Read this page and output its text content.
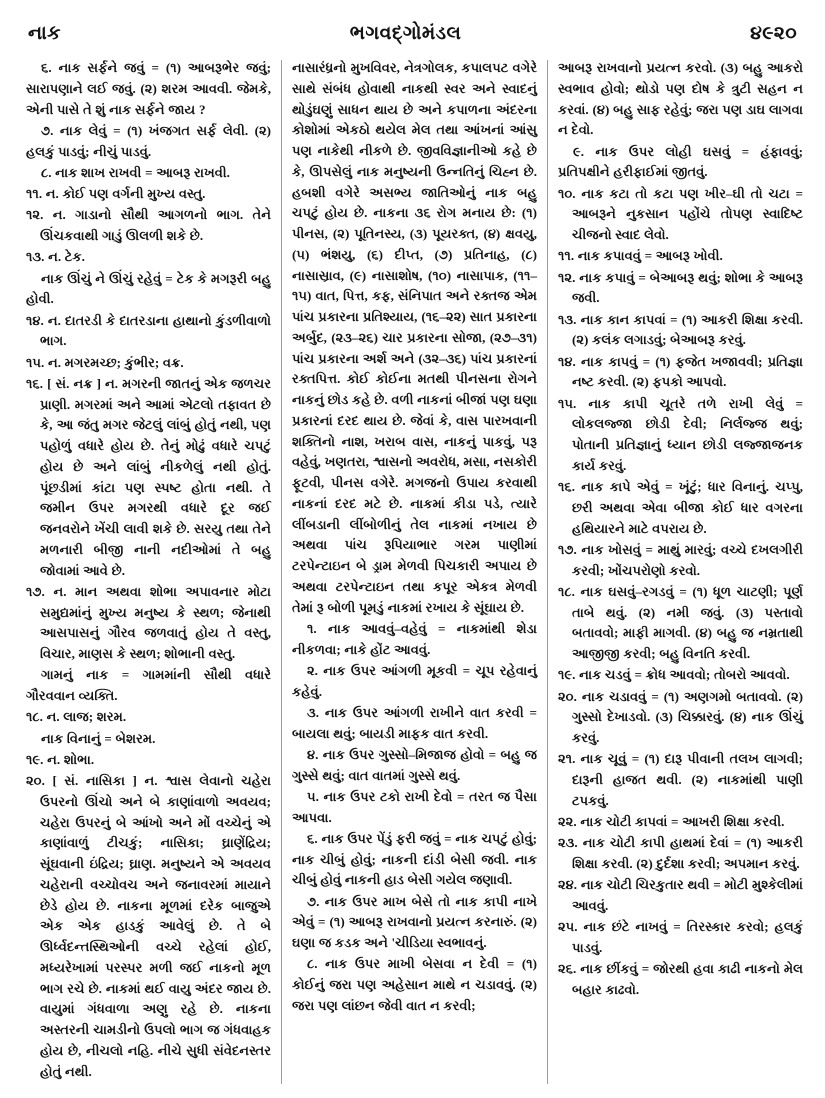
નાક	ભગવદ્ગોમંડલ	૪૯૨૦

૬. નાક સર્ફને જવું = (૧) આબરૂભેર જવું; સારાપણાને લઈ જવું. (૨) શરમ આવવી. જેમકે, એની પાસે તે શું નાક સર્ફને જાય ?

૭. નાક લેવું = (૧) ખંજગત સર્ફ લેવી. (૨) હલકું પાડવું; નીચું પાડવું.

૮. નાક શાખ રાખવી = આબરૂ રાખવી.

૧૧. ન. કોઈ પણ વર્ગની મુખ્ય વસ્તુ.

૧૨. ન. ગાડાનો સૌથી આગળનો ભાગ. તેને ઊંચકવાથી ગાડું ઊલળી શકે છે.

૧૩. ન. ટેક.

નાક ઊંચું ને ઊંચું રહેવું = ટેક કે મગરૂરી બહુ હોવી.

૧૪. ન. દાતરડી કે દાતરડાના હાથાનો કુંડળીવાળો ભાગ.

૧૫. ન. મગરમચ્છ; કુંભીર; વક્ર.

૧૬. [ સં. નક્ર ] ન. મગરની જાતનું એક જળચર પ્રાણી. મગરમાં અને આમાં એટલો તફાવત છે કે, આ જંતુ મગર જેટલું લાંબું હોતું નથી, પણ પહોળું વધારે હોય છે. તેનું મોઢું વધારે ચપટું હોય છે અને લાંબું નીકળેલું નથી હોતું. પૂંછડીમાં કાંટા પણ સ્પષ્ટ હોતા નથી. તે જમીન ઉપર મગરથી વધારે દૂર જઈ જનવરોને ખેંચી લાવી શકે છે. સરયુ તથા તેને મળનારી બીજી નાની નદીઓમાં તે બહુ જોવામાં આવે છે.

૧૭. ન. માન અથવા શોભા અપાવનાર મોટા સમુદ્યમાંનું મુખ્ય મનુષ્ય કે સ્થળ; જેનાથી આસપાસનું ગૌરવ જળવાતું હોય તે વસ્તુ, વિચાર, માણસ કે સ્થળ; શોભાની વસ્તુ.

ગામનું નાક = ગામમાંની સૌથી વધારે ગૌરવવાન વ્યક્તિ.

૧૮. ન. લાજ; શરમ.

નાક વિનાનું = બેશરમ.

૧૯. ન. શોભા.

૨૦. [ સં. નાસિકા ] ન. શ્વાસ લેવાનો ચહેરા ઉપરનો ઊંચો અને બે કાણાંવાળો અવયવ; ચહેરા ઉપરનું બે આંખો અને મોં વચ્ચેનું એ કાણાંવાળું ટીચકું; નાસિકા; ઘ્રાણેંદ્રિય; સૂંઘવાની ઇંદ્રિય; ઘ્રાણ. મનુષ્યને એ અવયવ ચહેરાની વચ્ચોવચ અને જનાવરમાં માયાને છેડે હોય છે. નાકના મૂળમાં દરેક બાજુએ એક એક હાડકું આવેલું છે. તે બે ઊર્ધ્વદન્તસ્થિઓની વચ્ચે રહેલાં હોઈ, મધ્યરેખામાં પરસ્પર મળી જઈ નાકનો મૂળ ભાગ રચે છે. નાકમાં થઈ વાયુ અંદર જાય છે. વાયુમાં ગંધવાળા અણુ રહે છે. નાકના અસ્તરની ચામડીનો ઉપલો ભાગ જ ગંધવાહક હોય છે, નીચલો નહિ. નીચે સુધી સંવેદનસ્તર હોતું નથી.

નાસારંધ્રનો મુખવિવર, નેત્રગોલક, કપાલપટ વગેરે સાથે સંબંધ હોવાથી નાકથી સ્વર અને સ્વાદનું થોડુંઘણું સાધન થાય છે અને કપાળના અંદરના કોશોમાં એકઠો થયેલ મેલ તથા આંખનાં આંસુ પણ નાકેથી નીકળે છે. જીવવિજ્ઞાનીઓ કહે છે કે, ઊપસેલું નાક મનુષ્યની ઉન્નતિનું ચિહ્ન છે. હબશી વગેરે અસભ્ય જાતિઓનું નાક બહુ ચપટું હોય છે. નાકના ૩૬ રોગ મનાય છે: (૧) પીનસ, (૨) પૂતિનસ્ય, (૩) પૂયરક્ત, (૪) ક્ષવયુ, (૫) ભંશયુ, (૬) દીપ્ત, (૭) પ્રતિનાહ, (૮) નાસાસ્રાવ, (૯) નાસાશોષ, (૧૦) નાસાપાક, (૧૧–૧૫) વાત, પિત્ત, કફ, સંનિપાત અને રક્તજ એમ પાંચ પ્રકારના પ્રતિશ્યાય, (૧૬–૨૨) સાત પ્રકારના અર્બુદ, (૨૩–૨૬) ચાર પ્રકારના સોજા, (૨૭–૩૧) પાંચ પ્રકારના અર્શ અને (૩૨–૩૬) પાંચ પ્રકારનાં રક્તપિત્ત. કોઈ કોઈના મતથી પીનસના રોગને નાકનું છોડ કહે છે. વળી નાકનાં બીજાં પણ ઘણા પ્રકારનાં દરદ થાય છે. જેવાં કે, વાસ પારખવાની શક્તિનો નાશ, ખરાબ વાસ, નાકનું પાકવું, પરૂ વહેવું, ખણતરા, શ્વાસનો અવરોધ, મસા, નસકોરી ફૂટવી, પીનસ વગેરે. મગજનો ઉપાય કરવાથી નાકનાં દરદ મટે છે. નાકમાં કીડા પડે, ત્યારે લીંબડાની લીંબોળીનું તેલ નાકમાં નખાય છે અથવા પાંચ રૂપિયાભાર ગરમ પાણીમાં ટરપેન્ટાઇન બે ડ્રામ મેળવી પિચકારી અપાય છે અથવા ટરપેન્ટાઇન તથા કપૂર એકત્ર મેળવી તેમાં રૂ બોળી પૂમડું નાકમાં રખાય કે સૂંઘાય છે.

૧. નાક આવવું–વહેવું = નાકમાંથી શેડા નીકળવા; નાકે હોંટ આવવું.

૨. નાક ઉપર આંગળી મૂકવી = ચૂપ રહેવાનું કહેવું.

૩. નાક ઉપર આંગળી રાખીને વાત કરવી = બાયલા થવું; બાયડી માફક વાત કરવી.

૪. નાક ઉપર ગુસ્સો–મિજાજ હોવો = બહુ જ ગુસ્સે થવું; વાત વાતમાં ગુસ્સે થવું.

૫. નાક ઉપર ટકો રાખી દેવો = તરત જ પૈસા આપવા.

૬. નાક ઉપર પેંડું ફરી જવું = નાક ચપટું હોવું; નાક ચીબું હોવું; નાકની દાંડી બેસી જવી. નાક ચીબું હોવું નાકની હાડ બેસી ગયેલ જણાવી.

૭. નાક ઉપર માખ બેસે તો નાક કાપી નાખે એવું = (૧) આબરૂ રાખવાનો પ્રયત્ન કરનારું. (૨) ઘણા જ કડક અને 'ચીડિયા સ્વભાવનું.

૮. નાક ઉપર માખી બેસવા ન દેવી = (૧) કોઈનું જરા પણ અહેસાન માથે ન ચડાવવું. (૨) જરા પણ લાંછન જેવી વાત ન કરવી;

આબરૂ રાખવાનો પ્રયત્ન કરવો. (૩) બહુ આકરો સ્વભાવ હોવો; થોડો પણ દોષ કે ત્રુટી સહન ન કરવાં. (૪) બહુ સાફ રહેવું; જરા પણ ડાઘ લાગવા ન દેવો.

૯. નાક ઉપર લોહી ઘસવું = હંફાવવું; પ્રતિપક્ષીને હરીફાઈમાં જીતવું.

૧૦. નાક કટા તો કટા પણ ખીર–ઘી તો ચટા = આબરૂને નુકસાન પહોંચે તોપણ સ્વાદિષ્ટ ચીજનો સ્વાદ લેવો.

૧૧. નાક કપાવવું = આબરૂ ખોવી.

૧૨. નાક કપાવું = બેઆબરૂ થવું; શોભા કે આબરૂ જવી.

૧૩. નાક કાન કાપવાં = (૧) આકરી શિક્ષા કરવી. (૨) કલંક લગાડવું; બેઆબરૂ કરવું.

૧૪. નાક કાપવું = (૧) ફજેત ખજાવવી; પ્રતિજ્ઞા નષ્ટ કરવી. (૨) ફપકો આપવો.

૧૫. નાક કાપી ચૂતરે તળે રાખી લેવું = લોકલજ્જા છોડી દેવી; નિર્લજ્જ થવું; પોતાની પ્રતિજ્ઞાનું ધ્યાન છોડી લજ્જાજનક કાર્ય કરવું.

૧૬. નાક કાપે એવું = ખૂંટું; ધાર વિનાનું. ચપ્પુ, છરી અથવા એવા બીજા કોઈ ધાર વગરના હથિયારને માટે વપરાય છે.

૧૭. નાક ખોસવું = માથું મારવું; વચ્ચે દખલગીરી કરવી; ખોંચપરોણો કરવો.

૧૮. નાક ઘસવું–રગડવું = (૧) ધૂળ ચાટણી; પૂર્ણ તાબે થવું. (૨) નમી જવું. (૩) પસ્તાવો બતાવવો; માફી માગવી. (૪) બહુ જ નમ્રતાથી આજીજી કરવી; બહુ વિનતિ કરવી.

૧૯. નાક ચડવું = ક્રોધ આવવો; તોબરો આવવો.

૨૦. નાક ચડાવવું = (૧) અણગમો બતાવવો. (૨) ગુસ્સો દેખાડવો. (૩) ચિક્કારવું. (૪) નાક ઊંચું કરવું.

૨૧. નાક ચૂવું = (૧) દારૂ પીવાની તલખ લાગવી; દારૂની હાજત થવી. (૨) નાકમાંથી પાણી ટપકવું.

૨૨. નાક ચોટી કાપવાં = આખરી શિક્ષા કરવી.

૨૩. નાક ચોટી કાપી હાથમાં દેવાં = (૧) આકરી શિક્ષા કરવી. (૨) દુર્દશા કરવી; અપમાન કરવું.

૨૪. નાક ચોટી ચિરકુતાર થવી = મોટી મુશ્કેલીમાં આવવું.

૨૫. નાક છંટે નાખવું = તિરસ્કાર કરવો; હલકું પાડવું.

૨૬. નાક છીંકવું = જોરથી હવા કાઢી નાકનો મેલ બહાર કાઢવો.
